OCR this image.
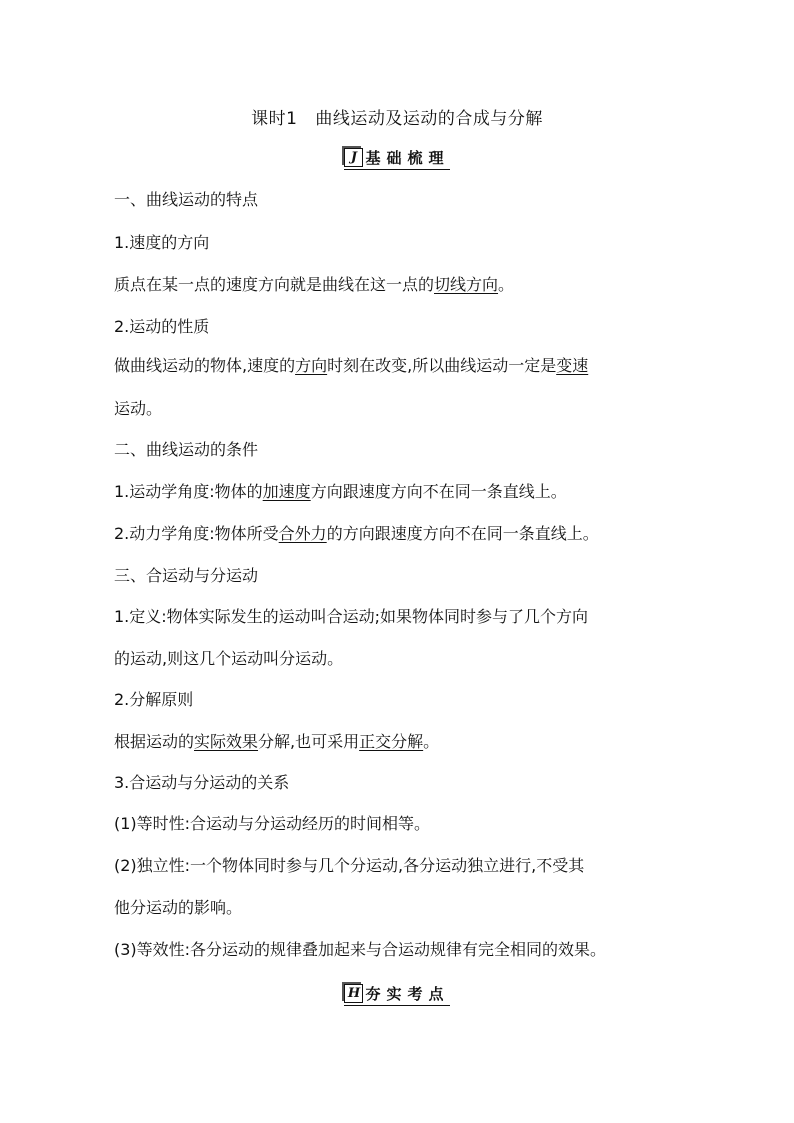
课时1 曲线运动及运动的合成与分解
J 基础梳理
一、曲线运动的特点
1.速度的方向
质点在某一点的速度方向就是曲线在这一点的切线方向。
2.运动的性质
做曲线运动的物体,速度的方向时刻在改变,所以曲线运动一定是变速
运动。
二、曲线运动的条件
1.运动学角度:物体的加速度方向跟速度方向不在同一条直线上。
2.动力学角度:物体所受合外力的方向跟速度方向不在同一条直线上。
三、合运动与分运动
1.定义:物体实际发生的运动叫合运动;如果物体同时参与了几个方向
的运动,则这几个运动叫分运动。
2.分解原则
根据运动的实际效果分解,也可采用正交分解。
3.合运动与分运动的关系
(1)等时性:合运动与分运动经历的时间相等。
(2)独立性:一个物体同时参与几个分运动,各分运动独立进行,不受其
他分运动的影响。
(3)等效性:各分运动的规律叠加起来与合运动规律有完全相同的效果。
H 夯实考点
